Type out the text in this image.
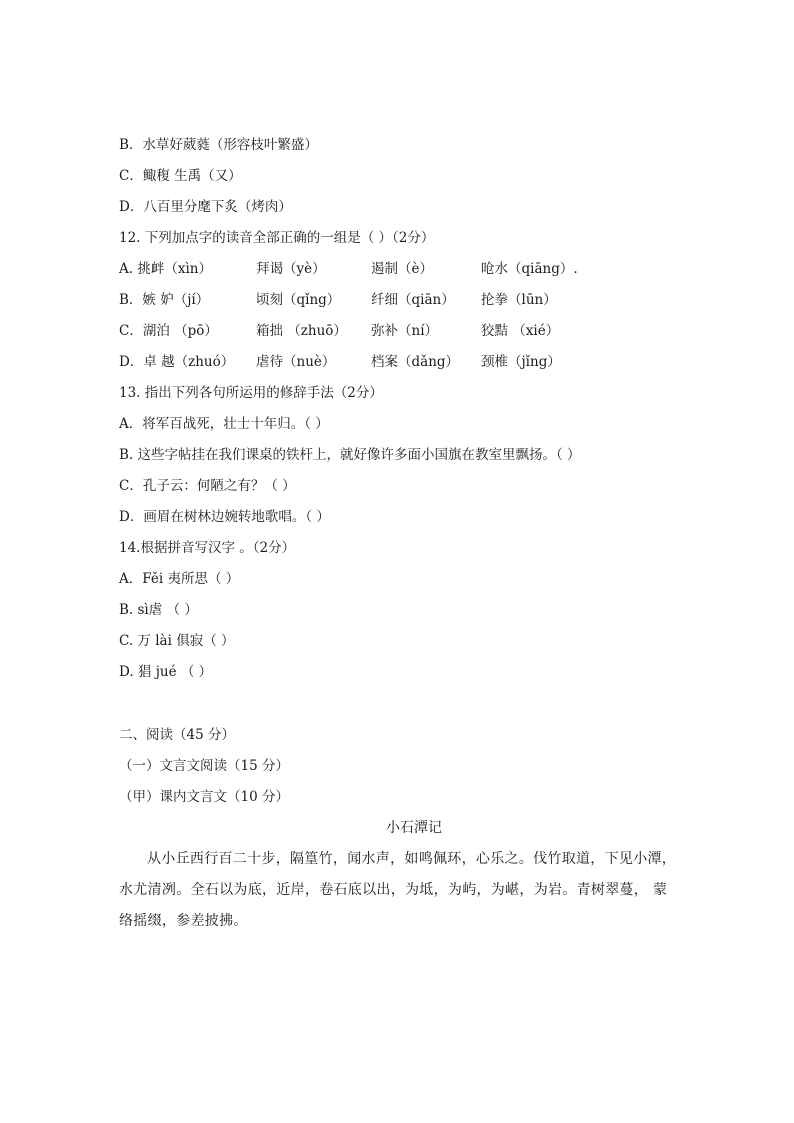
B．水草好葳蕤（形容枝叶繁盛）
C．鲰稪 生禹（又）
D．八百里分麾下炙（烤肉）
12. 下列加点字的读音全部正确的一组是（ ）（2分）
A. 挑衅（xìn）	拜谒（yè）	遏制（è）	呛水（qiāng）.
B．嫉 妒（jí）	顷刻（qǐng） 纤细（qiān） 抡拳（lūn）
C．湖泊 （pō）	箱拙 （zhuō） 弥补（ní）	狡黠 （xié）
D．卓 越（zhuó） 虐待（nuè）	档案（dǎng） 颈椎（jǐng）
13. 指出下列各句所运用的修辞手法（2分）
A．将军百战死，壮士十年归。（ ）
B. 这些字帖挂在我们课桌的铁杆上，就好像许多面小国旗在教室里飘扬。（ ）
C．孔子云：何陋之有？（ ）
D．画眉在树林边婉转地歌唱。（ ）
14.根据拼音写汉字 。（2分）
A．Fěi 夷所思（ ）
B. sì虐 （ ）
C. 万 lài 俱寂（ ）
D. 猖 jué （ ）
二、阅读（45 分）
（一）文言文阅读（15 分）
（甲）课内文言文（10 分）
小石潭记
从小丘西行百二十步，隔篁竹，闻水声，如鸣佩环，心乐之。伐竹取道，下见小潭， 水尤清冽。全石以为底，近岸，卷石底以出，为坻，为屿，为嵁，为岩。青树翠蔓， 蒙络摇缀，参差披拂。
